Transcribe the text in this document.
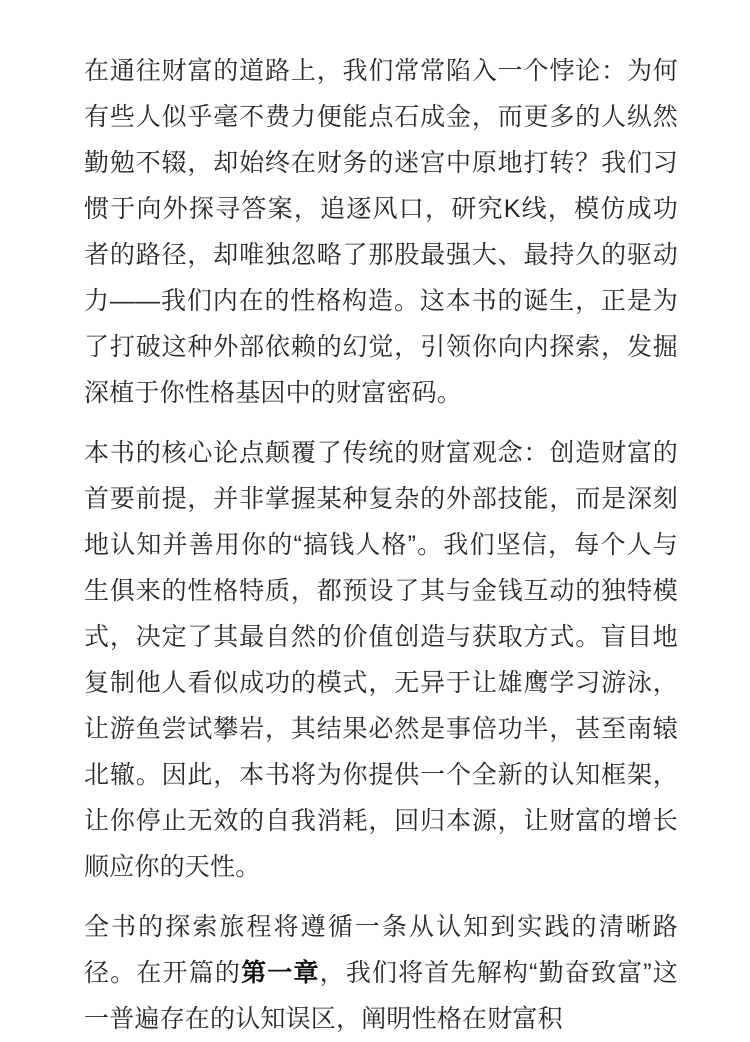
在通往财富的道路上，我们常常陷入一个悖论：为何有些人似乎毫不费力便能点石成金，而更多的人纵然勤勉不辍，却始终在财务的迷宫中原地打转？我们习惯于向外探寻答案，追逐风口，研究K线，模仿成功者的路径，却唯独忽略了那股最强大、最持久的驱动力——我们内在的性格构造。这本书的诞生，正是为了打破这种外部依赖的幻觉，引领你向内探索，发掘深植于你性格基因中的财富密码。

本书的核心论点颠覆了传统的财富观念：创造财富的首要前提，并非掌握某种复杂的外部技能，而是深刻地认知并善用你的“搞钱人格”。我们坚信，每个人与生俱来的性格特质，都预设了其与金钱互动的独特模式，决定了其最自然的价值创造与获取方式。盲目地复制他人看似成功的模式，无异于让雄鹰学习游泳，让游鱼尝试攀岩，其结果必然是事倍功半，甚至南辕北辙。因此，本书将为你提供一个全新的认知框架，让你停止无效的自我消耗，回归本源，让财富的增长顺应你的天性。

全书的探索旅程将遵循一条从认知到实践的清晰路径。在开篇的第一章，我们将首先解构“勤奋致富”这一普遍存在的认知误区，阐明性格在财富积
